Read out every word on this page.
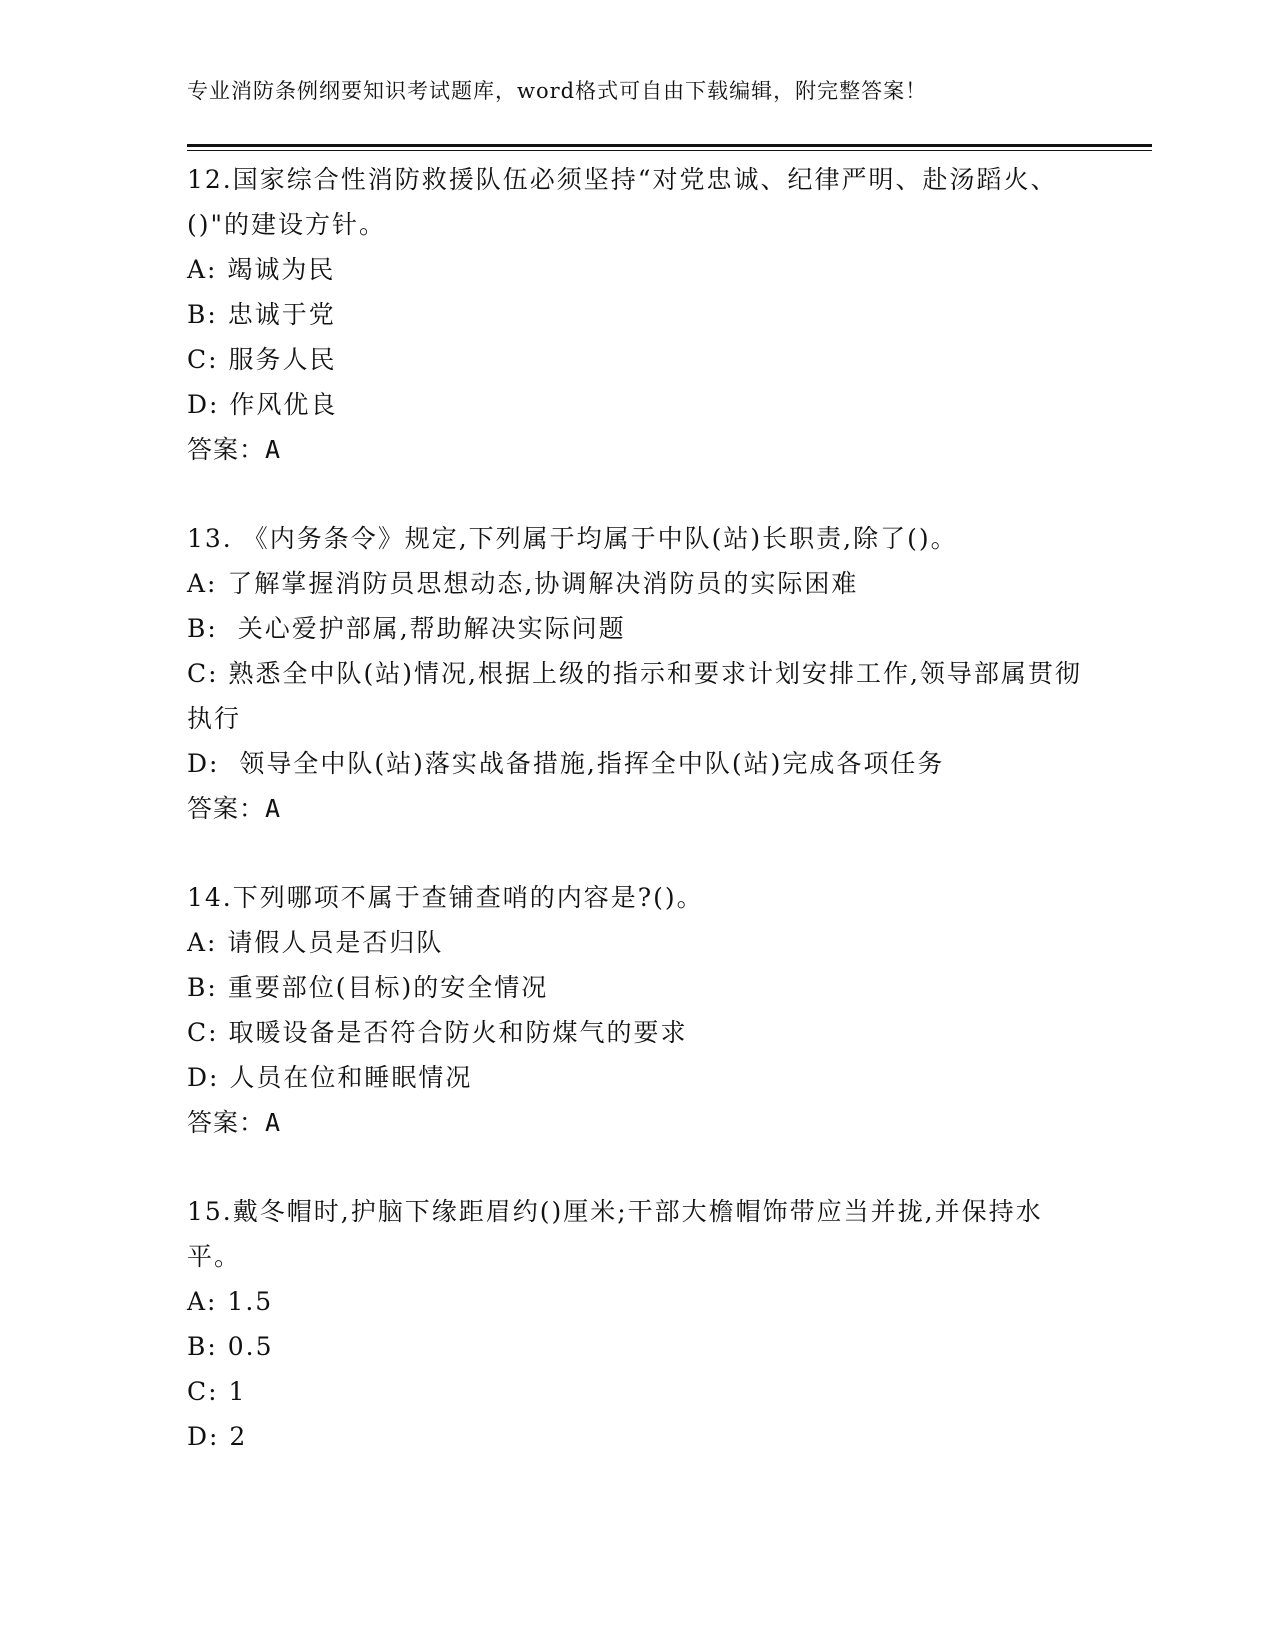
专业消防条例纲要知识考试题库，word格式可自由下载编辑，附完整答案！

12.国家综合性消防救援队伍必须坚持“对党忠诚、纪律严明、赴汤蹈火、()"的建设方针。

A: 竭诚为民
B: 忠诚于党
C: 服务人民
D: 作风优良
答案：A

13. 《内务条令》规定,下列属于均属于中队(站)长职责,除了()。

A: 了解掌握消防员思想动态,协调解决消防员的实际困难
B:  关心爱护部属,帮助解决实际问题
C: 熟悉全中队(站)情况,根据上级的指示和要求计划安排工作,领导部属贯彻执行
D:  领导全中队(站)落实战备措施,指挥全中队(站)完成各项任务
答案：A

14.下列哪项不属于查铺查哨的内容是?()。

A: 请假人员是否归队
B: 重要部位(目标)的安全情况
C: 取暖设备是否符合防火和防煤气的要求
D: 人员在位和睡眠情况
答案：A

15.戴冬帽时,护脑下缘距眉约()厘米;干部大檐帽饰带应当并拢,并保持水平。

A: 1.5
B: 0.5
C: 1
D: 2
